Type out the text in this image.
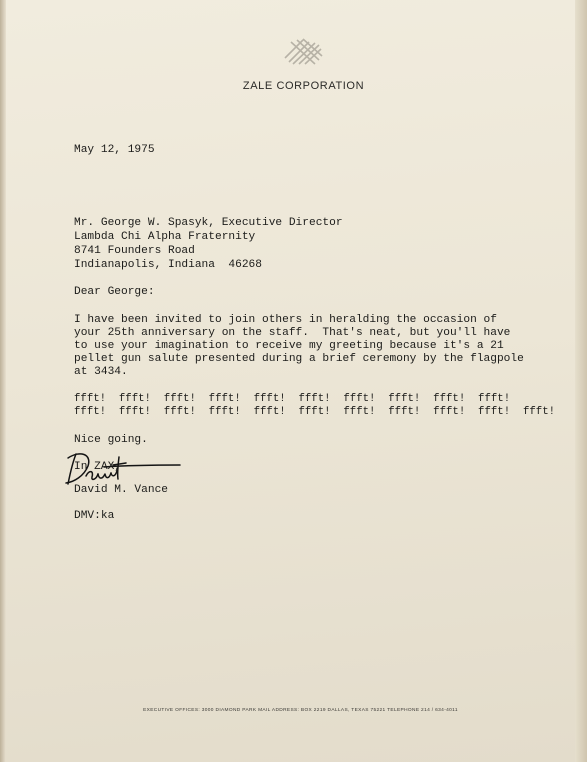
ZALE CORPORATION
May 12, 1975
Mr. George W. Spasyk, Executive Director
Lambda Chi Alpha Fraternity
8741 Founders Road
Indianapolis, Indiana  46268
Dear George:
I have been invited to join others in heralding the occasion of
your 25th anniversary on the staff.  That's neat, but you'll have
to use your imagination to receive my greeting because it's a 21
pellet gun salute presented during a brief ceremony by the flagpole
at 3434.
ffft!  ffft!  ffft!  ffft!  ffft!  ffft!  ffft!  ffft!  ffft!  ffft!
ffft!  ffft!  ffft!  ffft!  ffft!  ffft!  ffft!  ffft!  ffft!  ffft!  ffft!
Nice going.
In ZAX,
David M. Vance
DMV:ka
EXECUTIVE OFFICES: 3000 DIAMOND PARK MAIL ADDRESS: BOX 2219 DALLAS, TEXAS 75221 TELEPHONE 214 / 634-4011
